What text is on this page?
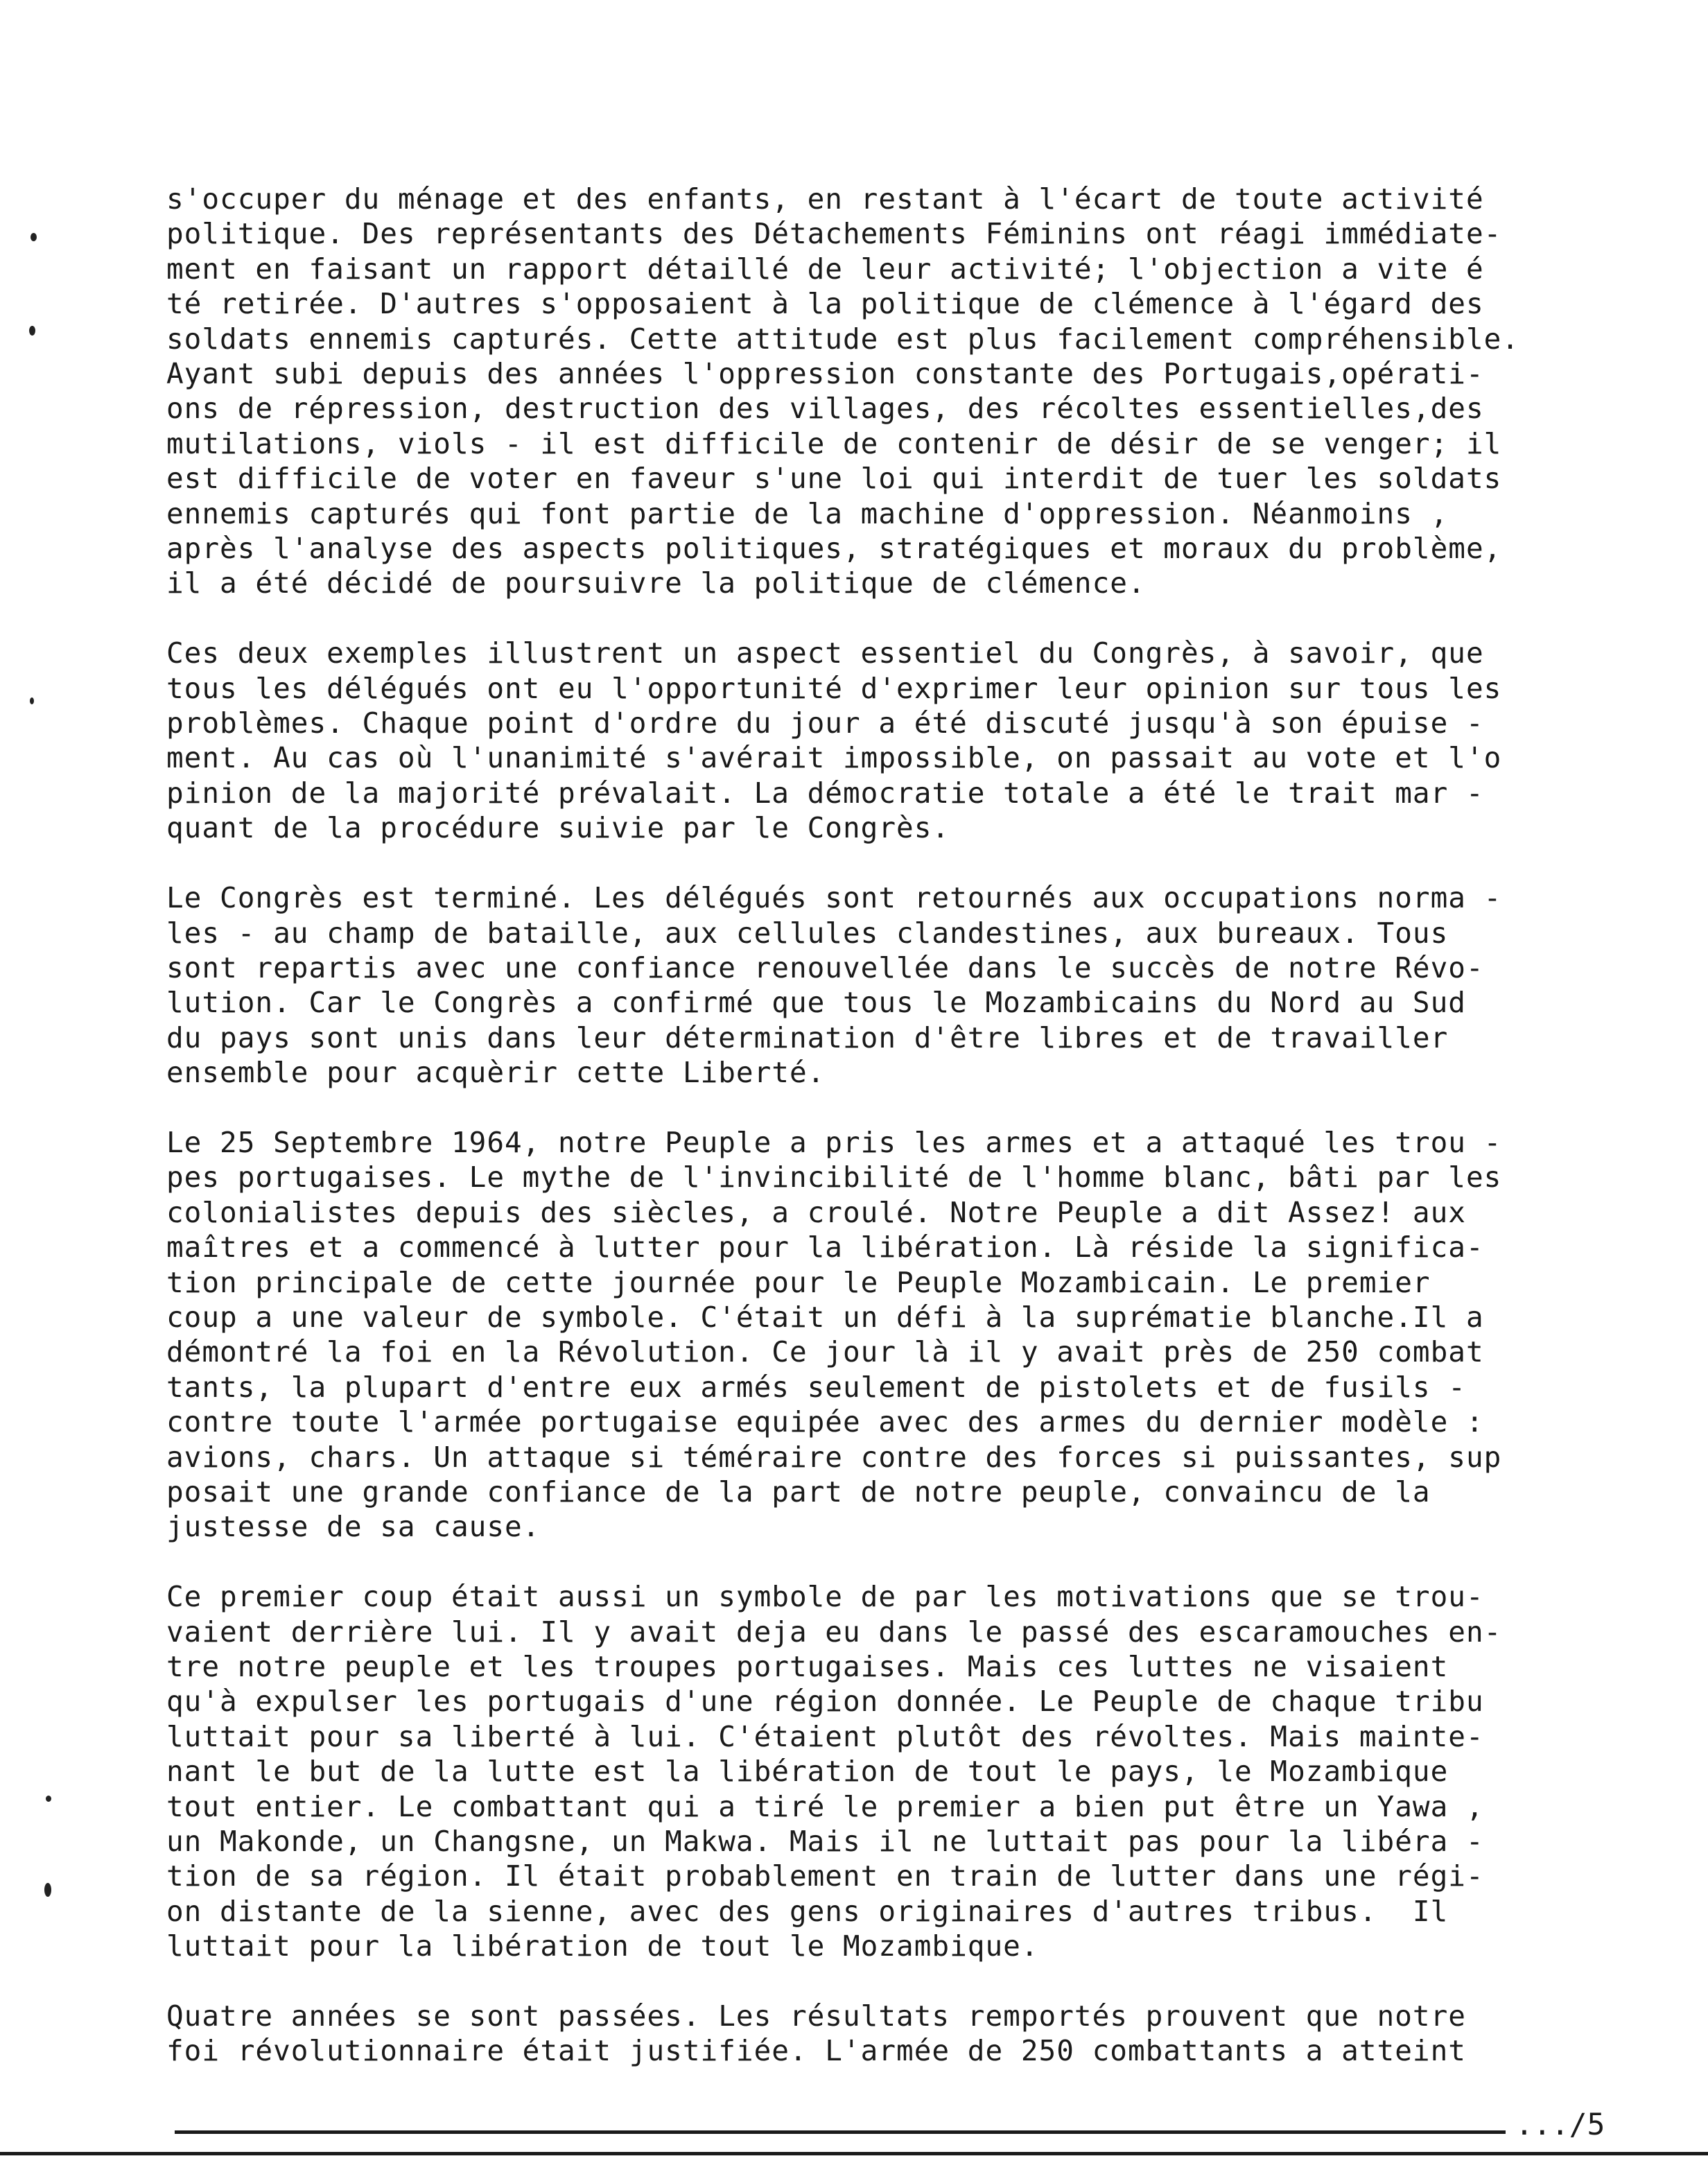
s'occuper du ménage et des enfants, en restant à l'écart de toute activité
politique. Des représentants des Détachements Féminins ont réagi immédiate-
ment en faisant un rapport détaillé de leur activité; l'objection a vite é
té retirée. D'autres s'opposaient à la politique de clémence à l'égard des
soldats ennemis capturés. Cette attitude est plus facilement compréhensible.
Ayant subi depuis des années l'oppression constante des Portugais,opérati-
ons de répression, destruction des villages, des récoltes essentielles,des
mutilations, viols - il est difficile de contenir de désir de se venger; il
est difficile de voter en faveur s'une loi qui interdit de tuer les soldats
ennemis capturés qui font partie de la machine d'oppression. Néanmoins ,
après l'analyse des aspects politiques, stratégiques et moraux du problème,
il a été décidé de poursuivre la politique de clémence.
Ces deux exemples illustrent un aspect essentiel du Congrès, à savoir, que
tous les délégués ont eu l'opportunité d'exprimer leur opinion sur tous les
problèmes. Chaque point d'ordre du jour a été discuté jusqu'à son épuise -
ment. Au cas où l'unanimité s'avérait impossible, on passait au vote et l'o
pinion de la majorité prévalait. La démocratie totale a été le trait mar -
quant de la procédure suivie par le Congrès.
Le Congrès est terminé. Les délégués sont retournés aux occupations norma -
les - au champ de bataille, aux cellules clandestines, aux bureaux. Tous
sont repartis avec une confiance renouvellée dans le succès de notre Révo-
lution. Car le Congrès a confirmé que tous le Mozambicains du Nord au Sud
du pays sont unis dans leur détermination d'être libres et de travailler
ensemble pour acquèrir cette Liberté.
Le 25 Septembre 1964, notre Peuple a pris les armes et a attaqué les trou -
pes portugaises. Le mythe de l'invincibilité de l'homme blanc, bâti par les
colonialistes depuis des siècles, a croulé. Notre Peuple a dit Assez! aux
maîtres et a commencé à lutter pour la libération. Là réside la significa-
tion principale de cette journée pour le Peuple Mozambicain. Le premier
coup a une valeur de symbole. C'était un défi à la suprématie blanche.Il a
démontré la foi en la Révolution. Ce jour là il y avait près de 250 combat
tants, la plupart d'entre eux armés seulement de pistolets et de fusils -
contre toute l'armée portugaise equipée avec des armes du dernier modèle :
avions, chars. Un attaque si téméraire contre des forces si puissantes, sup
posait une grande confiance de la part de notre peuple, convaincu de la
justesse de sa cause.
Ce premier coup était aussi un symbole de par les motivations que se trou-
vaient derrière lui. Il y avait deja eu dans le passé des escaramouches en-
tre notre peuple et les troupes portugaises. Mais ces luttes ne visaient
qu'à expulser les portugais d'une région donnée. Le Peuple de chaque tribu
luttait pour sa liberté à lui. C'étaient plutôt des révoltes. Mais mainte-
nant le but de la lutte est la libération de tout le pays, le Mozambique
tout entier. Le combattant qui a tiré le premier a bien put être un Yawa ,
un Makonde, un Changsne, un Makwa. Mais il ne luttait pas pour la libéra -
tion de sa région. Il était probablement en train de lutter dans une régi-
on distante de la sienne, avec des gens originaires d'autres tribus.  Il
luttait pour la libération de tout le Mozambique.
Quatre années se sont passées. Les résultats remportés prouvent que notre
foi révolutionnaire était justifiée. L'armée de 250 combattants a atteint
.../5
